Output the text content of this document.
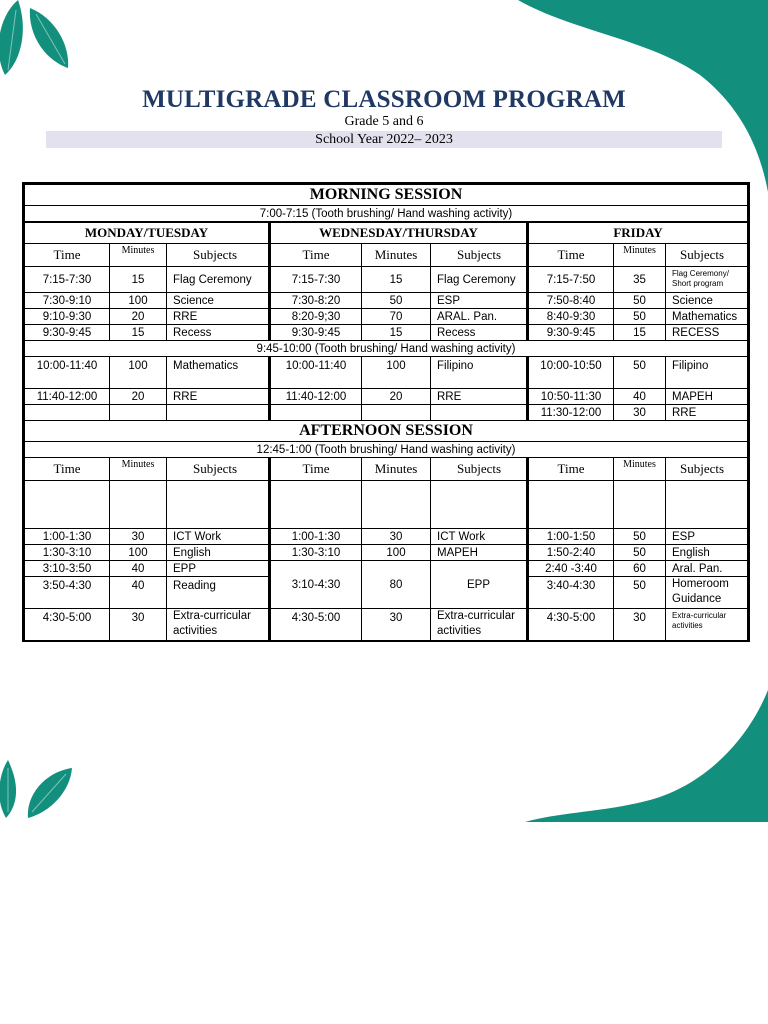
MULTIGRADE CLASSROOM PROGRAM
Grade 5 and 6
School Year 2022– 2023
MORNING SESSION								
7:00-7:15 (Tooth brushing/ Hand washing activity)								
MONDAY/TUESDAY			WEDNESDAY/THURSDAY			FRIDAY		
Time	Minutes	Subjects	Time	Minutes	Subjects	Time	Minutes	Subjects
7:15-7:30	15	Flag Ceremony	7:15-7:30	15	Flag Ceremony	7:15-7:50	35	Flag Ceremony/ Short program
7:30-9:10	100	Science	7:30-8:20	50	ESP	7:50-8:40	50	Science
9:10-9:30	20	RRE	8:20-9;30	70	ARAL. Pan.	8:40-9:30	50	Mathematics
9:30-9:45	15	Recess	9:30-9:45	15	Recess	9:30-9:45	15	RECESS
9:45-10:00 (Tooth brushing/ Hand washing activity)								
10:00-11:40	100	Mathematics	10:00-11:40	100	Filipino	10:00-10:50	50	Filipino
11:40-12:00	20	RRE	11:40-12:00	20	RRE	10:50-11:30	40	MAPEH
						11:30-12:00	30	RRE
AFTERNOON SESSION								
12:45-1:00 (Tooth brushing/ Hand washing activity)								
Time	Minutes	Subjects	Time	Minutes	Subjects	Time	Minutes	Subjects

1:00-1:30	30	ICT Work	1:00-1:30	30	ICT Work	1:00-1:50	50	ESP
1:30-3:10	100	English	1:30-3:10	100	MAPEH	1:50-2:40	50	English
3:10-3:50	40	EPP	3:10-4:30	80	EPP	2:40 -3:40	60	Aral. Pan.
3:50-4:30	40	Reading				3:40-4:30	50	Homeroom Guidance
4:30-5:00	30	Extra-curricular activities	4:30-5:00	30	Extra-curricular activities	4:30-5:00	30	Extra-curricular activities
